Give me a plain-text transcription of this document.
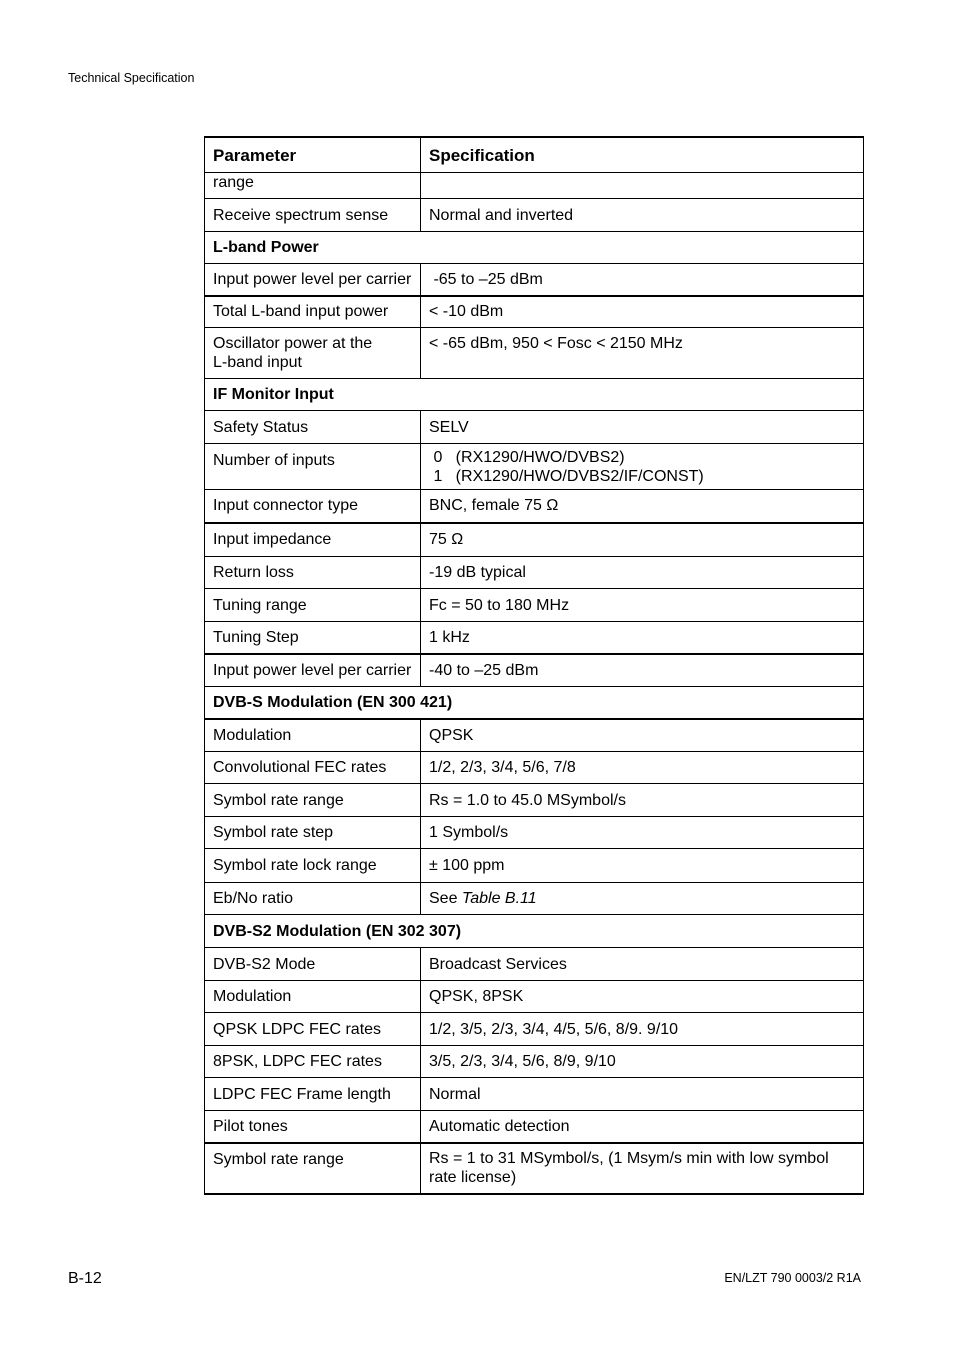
Technical Specification
Parameter	Specification
range	
Receive spectrum sense	Normal and inverted
L-band Power	
Input power level per carrier	-65 to –25 dBm
Total L-band input power	< -10 dBm

Oscillator power at the
L-band input	< -65 dBm, 950 < Fosc < 2150 MHz
IF Monitor Input	
Safety Status	SELV
Number of inputs	0   (RX1290/HWO/DVBS2)
1   (RX1290/HWO/DVBS2/IF/CONST)

Input connector type	BNC, female 75 Ω
Input impedance	75 Ω
Return loss	-19 dB typical
Tuning range	Fc = 50 to 180 MHz
Tuning Step	1 kHz
Input power level per carrier	-40 to –25 dBm
DVB-S Modulation (EN 300 421)	
Modulation	QPSK
Convolutional FEC rates	1/2, 2/3, 3/4, 5/6, 7/8
Symbol rate range	Rs = 1.0 to 45.0 MSymbol/s
Symbol rate step	1 Symbol/s
Symbol rate lock range	± 100 ppm
Eb/No ratio	See Table B.11
DVB-S2 Modulation (EN 302 307)	
DVB-S2 Mode	Broadcast Services
Modulation	QPSK, 8PSK
QPSK LDPC FEC rates	1/2, 3/5, 2/3, 3/4, 4/5, 5/6, 8/9. 9/10
8PSK, LDPC FEC rates	3/5, 2/3, 3/4, 5/6, 8/9, 9/10
LDPC FEC Frame length	Normal
Pilot tones	Automatic detection
Symbol rate range	Rs = 1 to 31 MSymbol/s, (1 Msym/s min with low symbol
rate license)
B-12	EN/LZT 790 0003/2 R1A
